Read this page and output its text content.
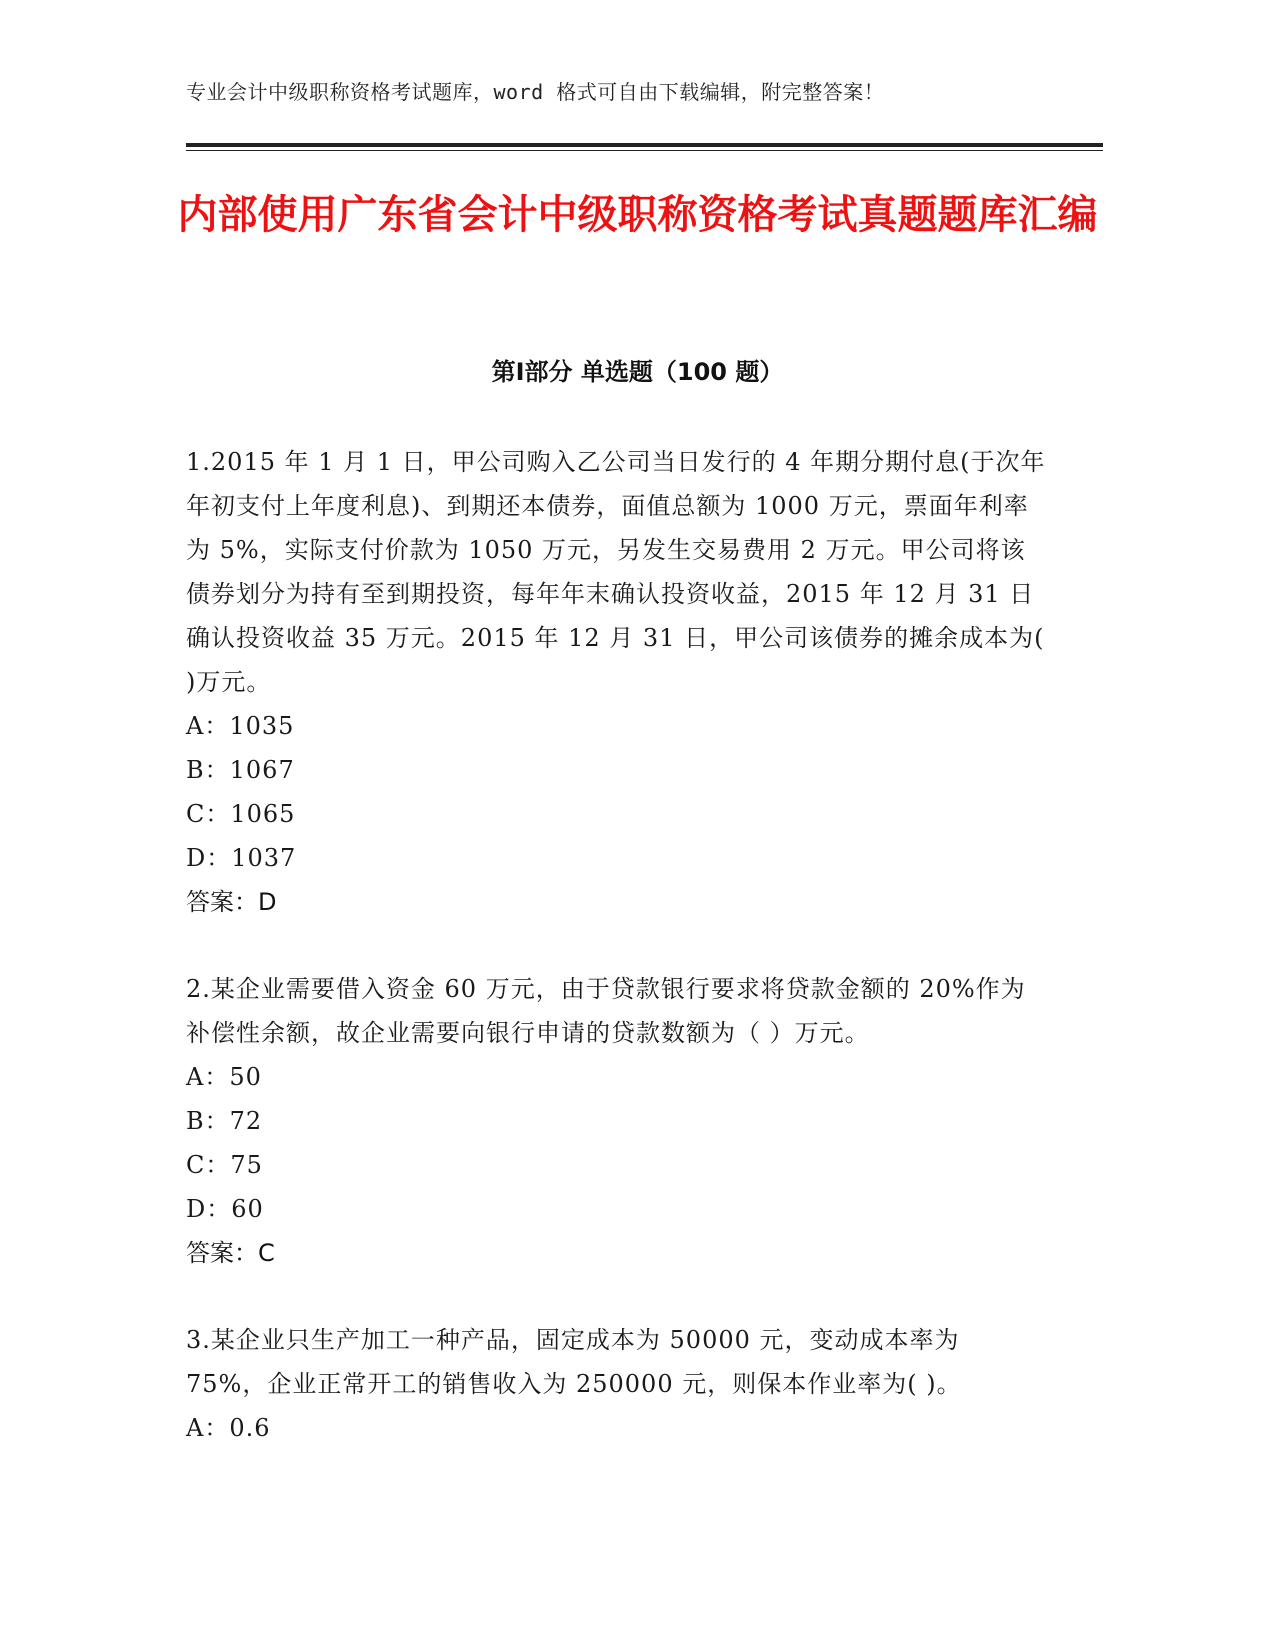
专业会计中级职称资格考试题库，word 格式可自由下载编辑，附完整答案！
内部使用广东省会计中级职称资格考试真题题库汇编
第Ⅰ部分 单选题（100 题）

1.2015 年 1 月 1 日，甲公司购入乙公司当日发行的 4 年期分期付息(于次年年初支付上年度利息)、到期还本债券，面值总额为 1000 万元，票面年利率为 5%，实际支付价款为 1050 万元，另发生交易费用 2 万元。甲公司将该债券划分为持有至到期投资，每年年末确认投资收益，2015 年 12 月 31 日确认投资收益 35 万元。2015 年 12 月 31 日，甲公司该债券的摊余成本为( )万元。

A：1035

B：1067

C：1065

D：1037

答案：D

2.某企业需要借入资金 60 万元，由于贷款银行要求将贷款金额的 20%作为补偿性余额，故企业需要向银行申请的贷款数额为（ ）万元。

A：50

B：72

C：75

D：60

答案：C

3.某企业只生产加工一种产品，固定成本为 50000 元，变动成本率为 75%，企业正常开工的销售收入为 250000 元，则保本作业率为( )。

A：0.6
